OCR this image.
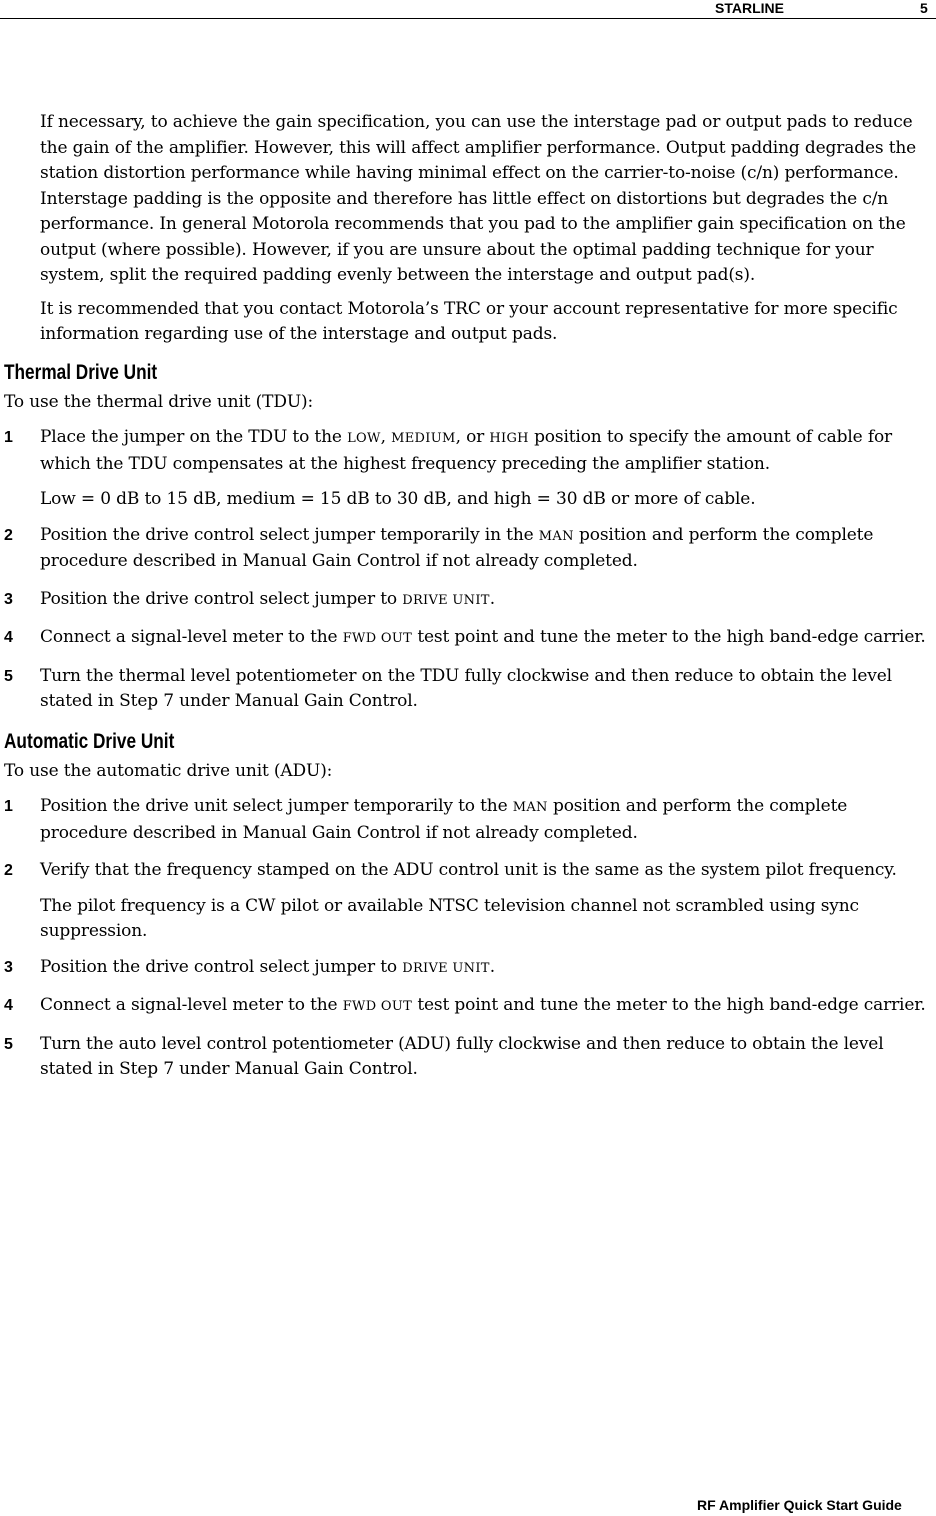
STARLINE	5

If necessary, to achieve the gain specification, you can use the interstage pad or output pads to reduce the gain of the amplifier. However, this will affect amplifier performance. Output padding degrades the station distortion performance while having minimal effect on the carrier-to-noise (c/n) performance. Interstage padding is the opposite and therefore has little effect on distortions but degrades the c/n performance. In general Motorola recommends that you pad to the amplifier gain specification on the output (where possible). However, if you are unsure about the optimal padding technique for your system, split the required padding evenly between the interstage and output pad(s).

It is recommended that you contact Motorola’s TRC or your account representative for more specific information regarding use of the interstage and output pads.

Thermal Drive Unit

To use the thermal drive unit (TDU):

1 Place the jumper on the TDU to the LOW, MEDIUM, or HIGH position to specify the amount of cable for which the TDU compensates at the highest frequency preceding the amplifier station.

Low = 0 dB to 15 dB, medium = 15 dB to 30 dB, and high = 30 dB or more of cable.

2 Position the drive control select jumper temporarily in the MAN position and perform the complete procedure described in Manual Gain Control if not already completed.

3 Position the drive control select jumper to DRIVE UNIT.

4 Connect a signal-level meter to the FWD OUT test point and tune the meter to the high band-edge carrier.

5 Turn the thermal level potentiometer on the TDU fully clockwise and then reduce to obtain the level stated in Step 7 under Manual Gain Control.

Automatic Drive Unit

To use the automatic drive unit (ADU):

1 Position the drive unit select jumper temporarily to the MAN position and perform the complete procedure described in Manual Gain Control if not already completed.

2 Verify that the frequency stamped on the ADU control unit is the same as the system pilot frequency.

The pilot frequency is a CW pilot or available NTSC television channel not scrambled using sync suppression.

3 Position the drive control select jumper to DRIVE UNIT.

4 Connect a signal-level meter to the FWD OUT test point and tune the meter to the high band-edge carrier.

5 Turn the auto level control potentiometer (ADU) fully clockwise and then reduce to obtain the level stated in Step 7 under Manual Gain Control.

RF Amplifier Quick Start Guide
